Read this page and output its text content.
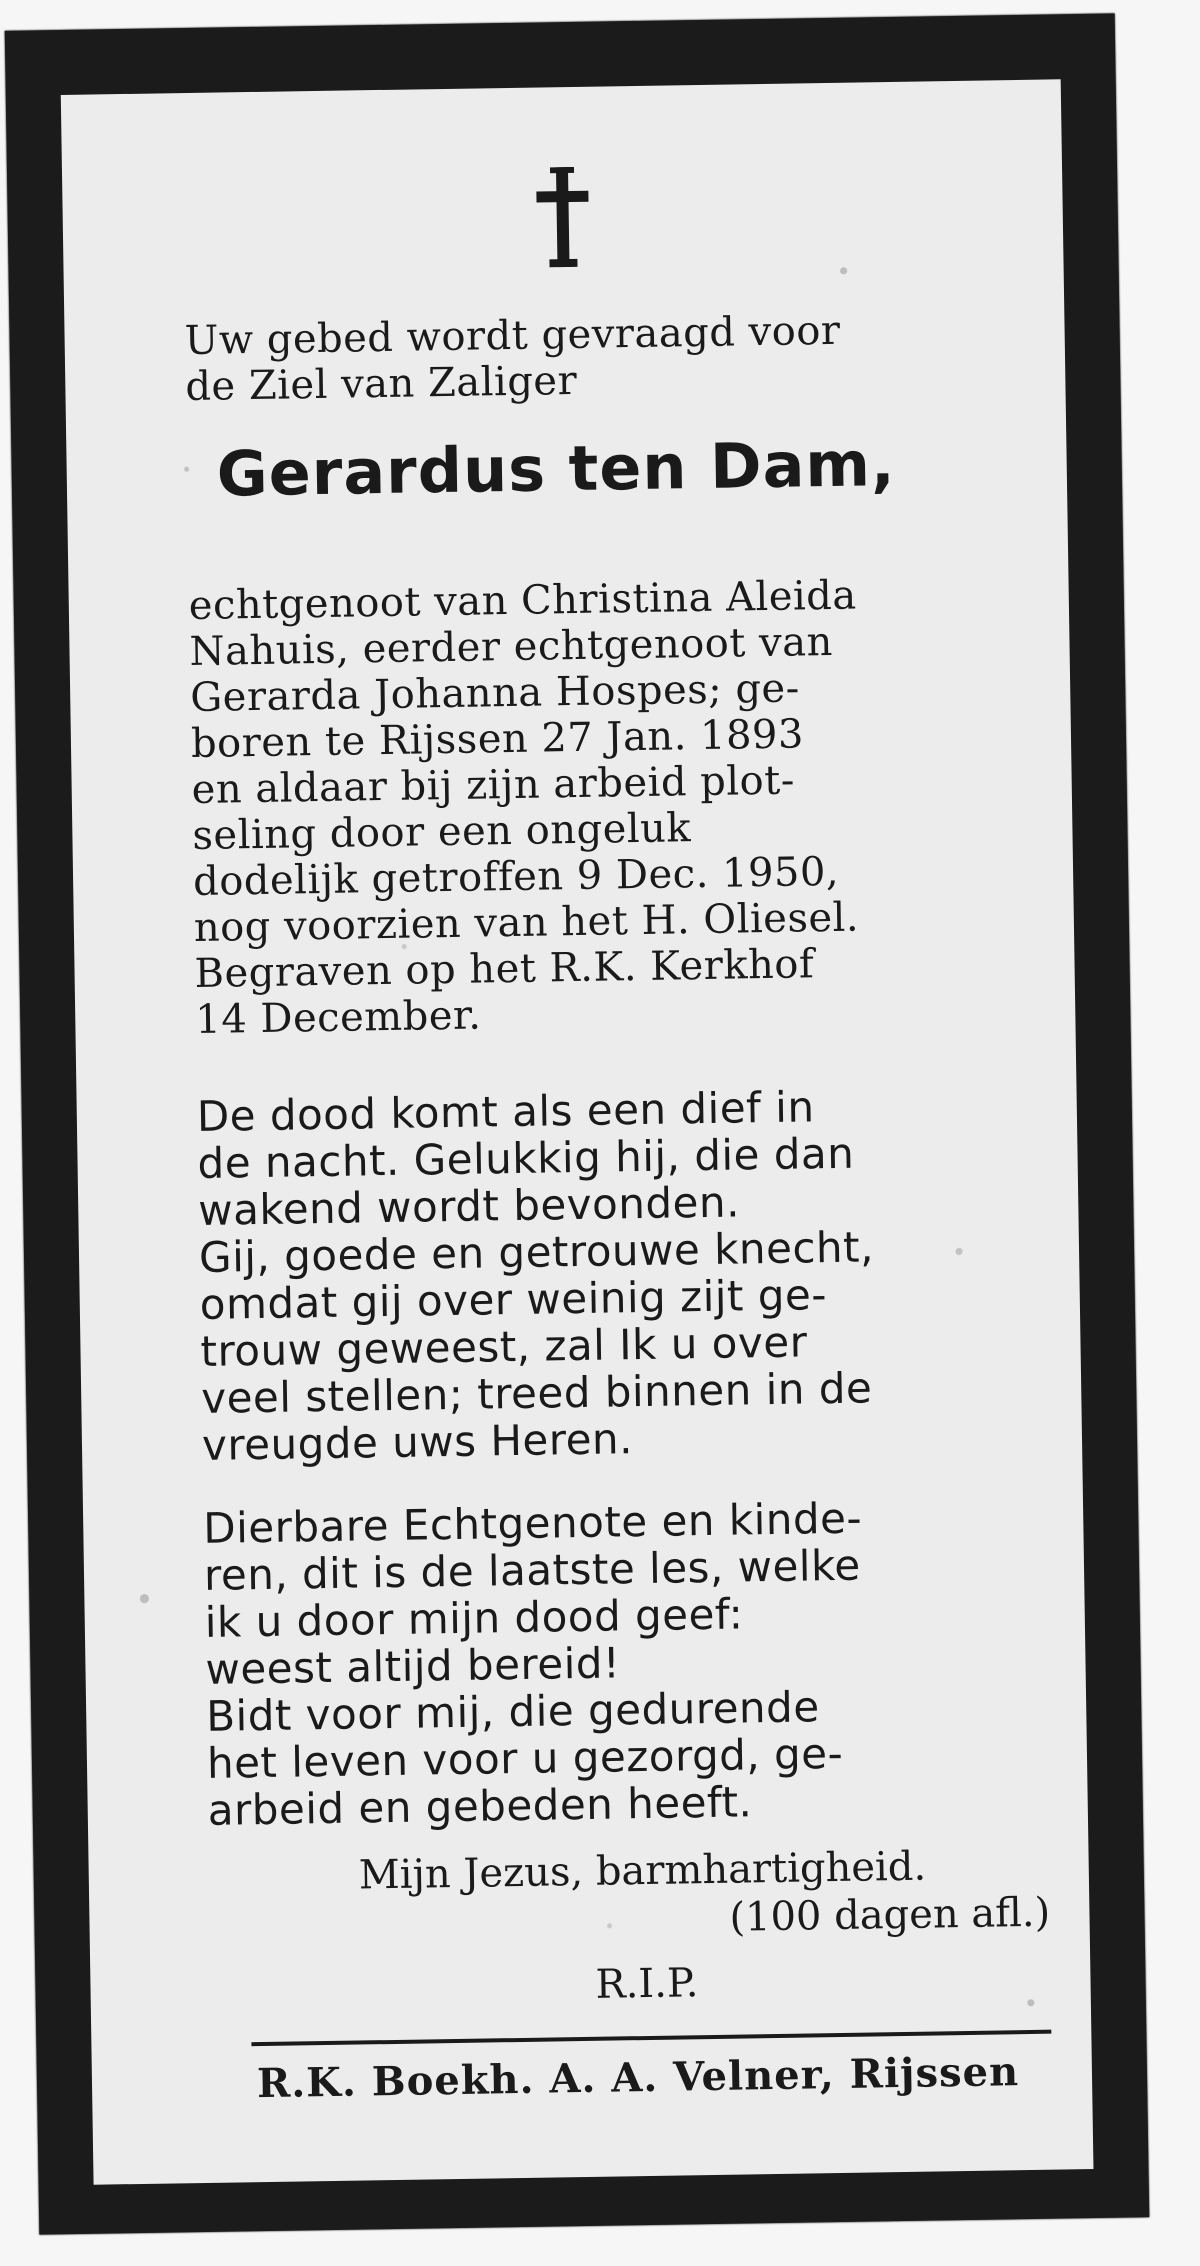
Uw gebed wordt gevraagd voor
de Ziel van Zaliger
Gerardus ten Dam,
echtgenoot van Christina Aleida
Nahuis, eerder echtgenoot van
Gerarda Johanna Hospes; ge-
boren te Rijssen 27 Jan. 1893
en aldaar bij zijn arbeid plot-
seling door een ongeluk
dodelijk getroffen 9 Dec. 1950,
nog voorzien van het H. Oliesel.
Begraven op het R.K. Kerkhof
14 December.
De dood komt als een dief in
de nacht. Gelukkig hij, die dan
wakend wordt bevonden.
Gij, goede en getrouwe knecht,
omdat gij over weinig zijt ge-
trouw geweest, zal Ik u over
veel stellen; treed binnen in de
vreugde uws Heren.
Dierbare Echtgenote en kinde-
ren, dit is de laatste les, welke
ik u door mijn dood geef:
weest altijd bereid!
Bidt voor mij, die gedurende
het leven voor u gezorgd, ge-
arbeid en gebeden heeft.
Mijn Jezus, barmhartigheid.
(100 dagen afl.)
R.I.P.
R.K. Boekh. A. A. Velner, Rijssen
